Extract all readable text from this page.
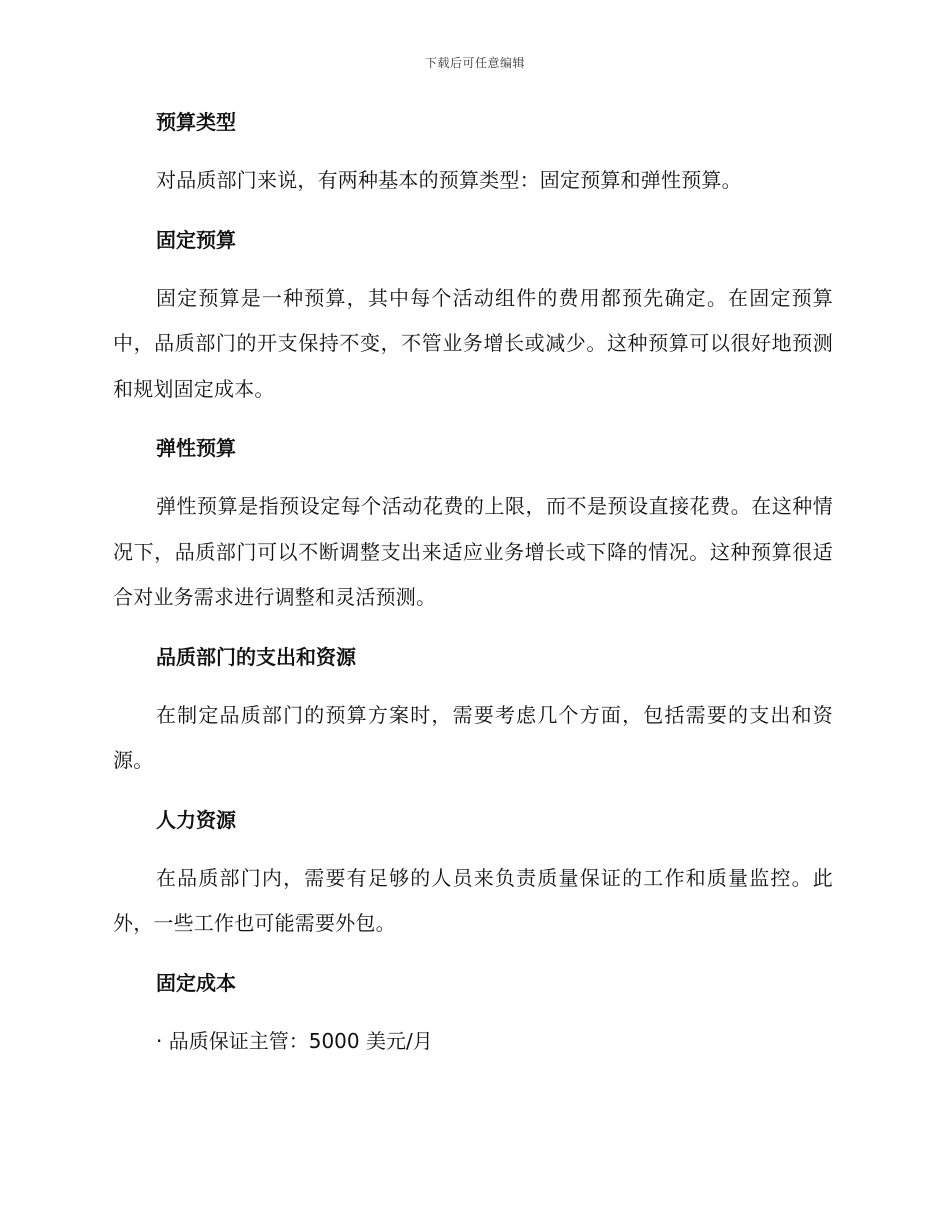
下载后可任意编辑
预算类型
对品质部门来说，有两种基本的预算类型：固定预算和弹性预算。
固定预算
固定预算是一种预算，其中每个活动组件的费用都预先确定。在固定预算中，品质部门的开支保持不变，不管业务增长或减少。这种预算可以很好地预测和规划固定成本。
弹性预算
弹性预算是指预设定每个活动花费的上限，而不是预设直接花费。在这种情况下，品质部门可以不断调整支出来适应业务增长或下降的情况。这种预算很适合对业务需求进行调整和灵活预测。
品质部门的支出和资源
在制定品质部门的预算方案时，需要考虑几个方面，包括需要的支出和资源。
人力资源
在品质部门内，需要有足够的人员来负责质量保证的工作和质量监控。此外，一些工作也可能需要外包。
固定成本
· 品质保证主管：5000 美元/月
